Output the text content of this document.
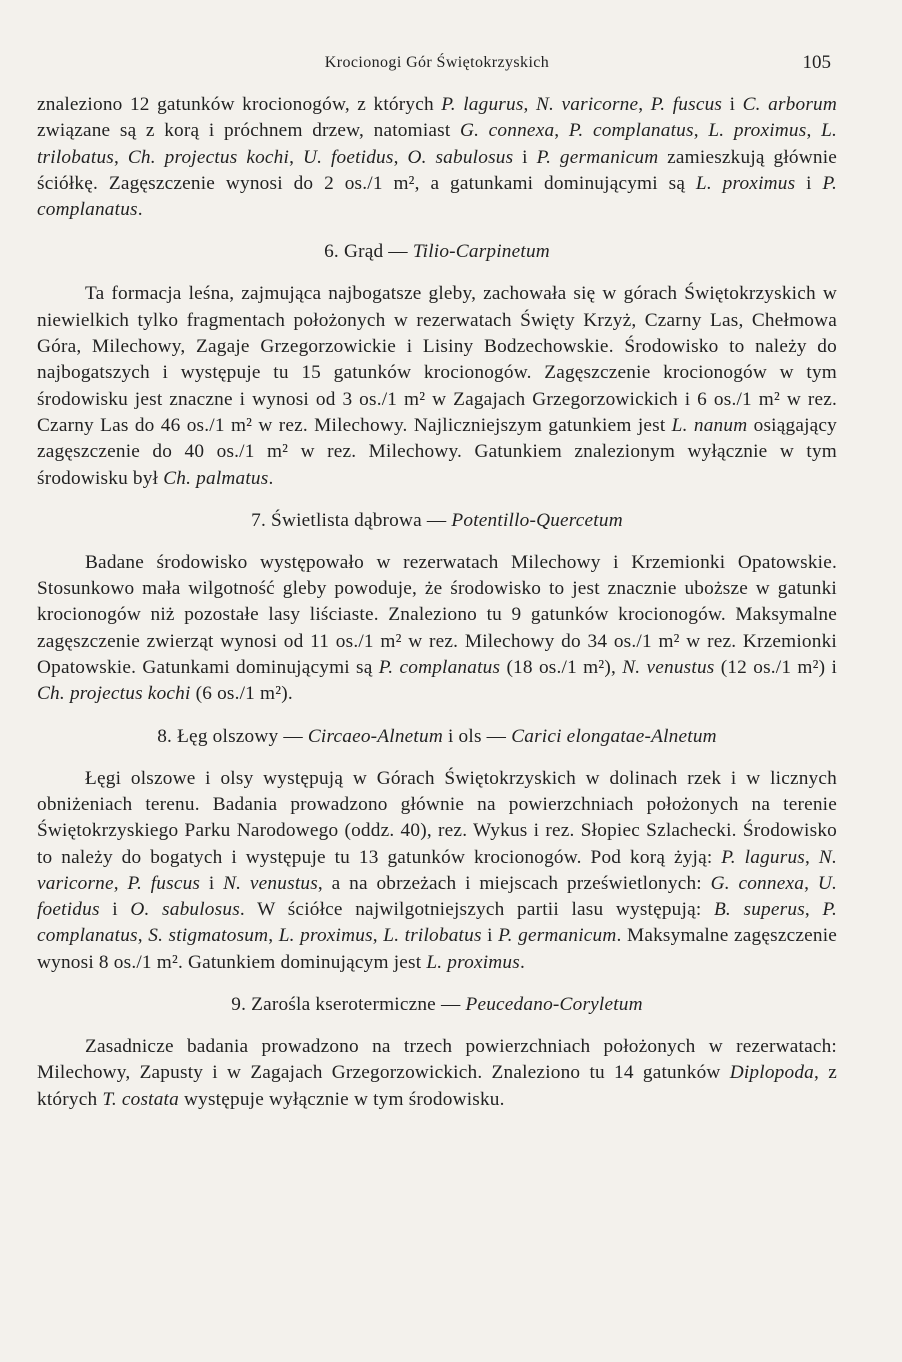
Krocionogi Gór Świętokrzyskich	105

znaleziono 12 gatunków krocionogów, z których P. lagurus, N. varicorne, P. fuscus i C. arborum związane są z korą i próchnem drzew, natomiast G. connexa, P. complanatus, L. proximus, L. trilobatus, Ch. projectus kochi, U. foetidus, O. sabulosus i P. germanicum zamieszkują głównie ściółkę. Zagęszczenie wynosi do 2 os./1 m², a gatunkami dominującymi są L. proximus i P. complanatus.

6. Grąd — Tilio-Carpinetum

Ta formacja leśna, zajmująca najbogatsze gleby, zachowała się w górach Świętokrzyskich w niewielkich tylko fragmentach położonych w rezerwatach Święty Krzyż, Czarny Las, Chełmowa Góra, Milechowy, Zagaje Grzegorzowickie i Lisiny Bodzechowskie. Środowisko to należy do najbogatszych i występuje tu 15 gatunków krocionogów. Zagęszczenie krocionogów w tym środowisku jest znaczne i wynosi od 3 os./1 m² w Zagajach Grzegorzowickich i 6 os./1 m² w rez. Czarny Las do 46 os./1 m² w rez. Milechowy. Najliczniejszym gatunkiem jest L. nanum osiągający zagęszczenie do 40 os./1 m² w rez. Milechowy. Gatunkiem znalezionym wyłącznie w tym środowisku był Ch. palmatus.

7. Świetlista dąbrowa — Potentillo-Quercetum

Badane środowisko występowało w rezerwatach Milechowy i Krzemionki Opatowskie. Stosunkowo mała wilgotność gleby powoduje, że środowisko to jest znacznie uboższe w gatunki krocionogów niż pozostałe lasy liściaste. Znaleziono tu 9 gatunków krocionogów. Maksymalne zagęszczenie zwierząt wynosi od 11 os./1 m² w rez. Milechowy do 34 os./1 m² w rez. Krzemionki Opatowskie. Gatunkami dominującymi są P. complanatus (18 os./1 m²), N. venustus (12 os./1 m²) i Ch. projectus kochi (6 os./1 m²).

8. Łęg olszowy — Circaeo-Alnetum i ols — Carici elongatae-Alnetum

Łęgi olszowe i olsy występują w Górach Świętokrzyskich w dolinach rzek i w licznych obniżeniach terenu. Badania prowadzono głównie na powierzchniach położonych na terenie Świętokrzyskiego Parku Narodowego (oddz. 40), rez. Wykus i rez. Słopiec Szlachecki. Środowisko to należy do bogatych i występuje tu 13 gatunków krocionogów. Pod korą żyją: P. lagurus, N. varicorne, P. fuscus i N. venustus, a na obrzeżach i miejscach prześwietlonych: G. connexa, U. foetidus i O. sabulosus. W ściółce najwilgotniejszych partii lasu występują: B. superus, P. complanatus, S. stigmatosum, L. proximus, L. trilobatus i P. germanicum. Maksymalne zagęszczenie wynosi 8 os./1 m². Gatunkiem dominującym jest L. proximus.

9. Zarośla kserotermiczne — Peucedano-Coryletum

Zasadnicze badania prowadzono na trzech powierzchniach położonych w rezerwatach: Milechowy, Zapusty i w Zagajach Grzegorzowickich. Znaleziono tu 14 gatunków Diplopoda, z których T. costata występuje wyłącznie w tym środowisku.
